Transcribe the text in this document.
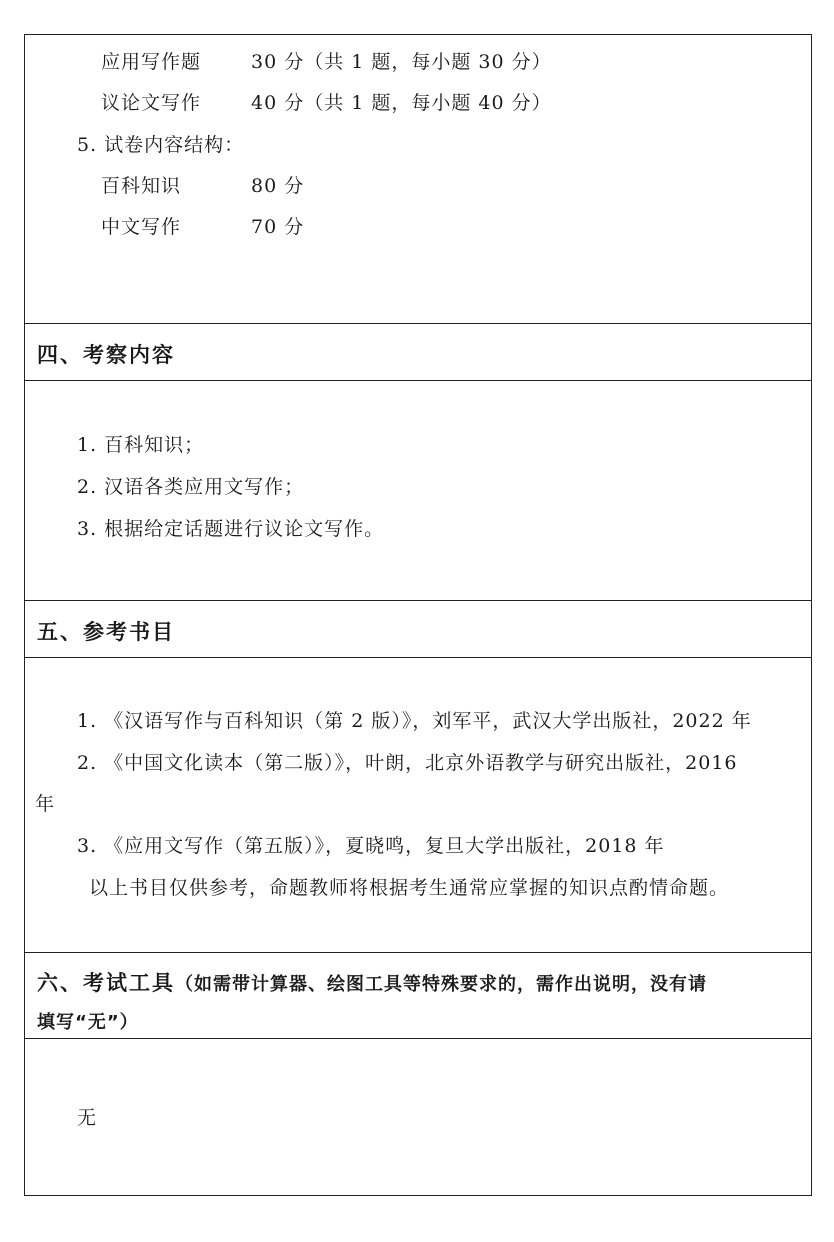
应用写作题	30 分（共 1 题，每小题 30 分）
议论文写作	40 分（共 1 题，每小题 40 分）
5. 试卷内容结构：
百科知识	80 分
中文写作	70 分
四、考察内容
1. 百科知识；
2. 汉语各类应用文写作；
3. 根据给定话题进行议论文写作。
五、参考书目
1. 《汉语写作与百科知识（第 2 版）》，刘军平，武汉大学出版社，2022 年
2. 《中国文化读本（第二版）》，叶朗，北京外语教学与研究出版社，2016
年
3. 《应用文写作（第五版）》，夏晓鸣，复旦大学出版社，2018 年
以上书目仅供参考，命题教师将根据考生通常应掌握的知识点酌情命题。
六、考试工具（如需带计算器、绘图工具等特殊要求的，需作出说明，没有请
填写“无”）
无
